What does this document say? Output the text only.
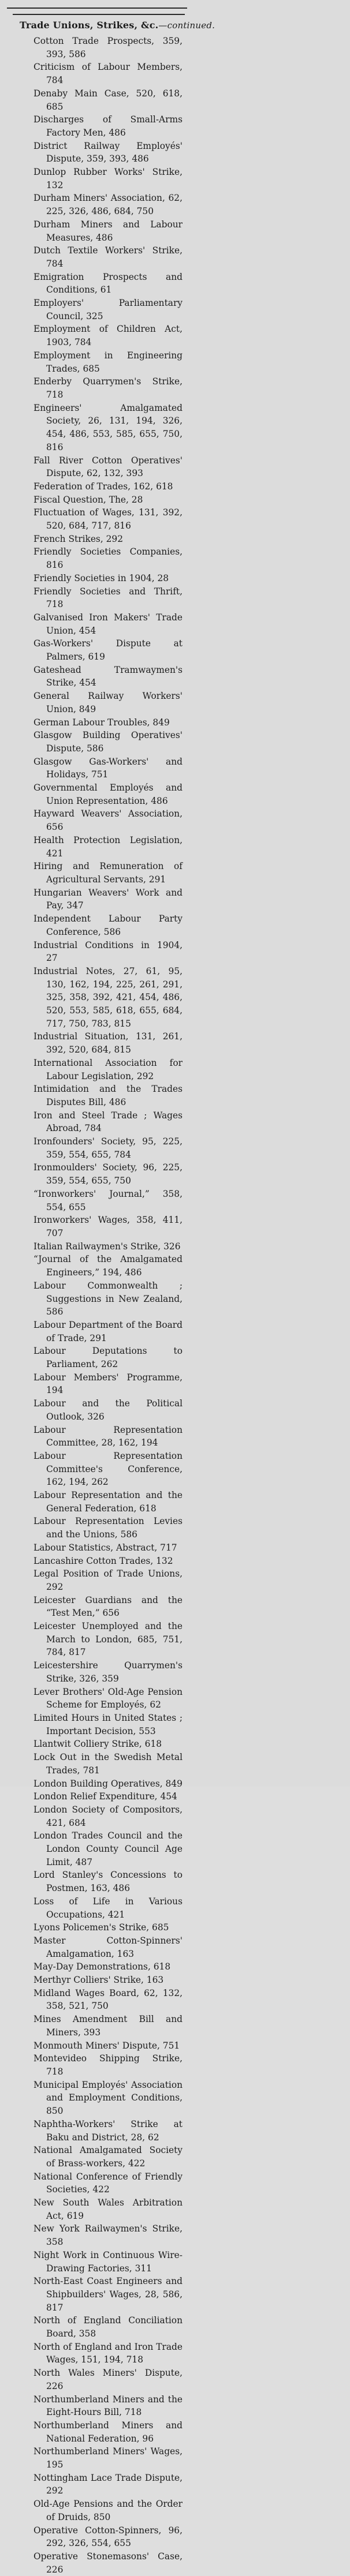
Trade Unions, Strikes, &c.—continued.

Cotton Trade Prospects, 359, 393, 586

Criticism of Labour Members, 784

Denaby Main Case, 520, 618, 685

Discharges of Small-Arms Factory Men, 486

District Railway Employés' Dispute, 359, 393, 486

Dunlop Rubber Works' Strike, 132

Durham Miners' Association, 62, 225, 326, 486, 684, 750

Durham Miners and Labour Measures, 486

Dutch Textile Workers' Strike, 784

Emigration Prospects and Conditions, 61

Employers' Parliamentary Council, 325

Employment of Children Act, 1903, 784

Employment in Engineering Trades, 685

Enderby Quarrymen's Strike, 718

Engineers' Amalgamated Society, 26, 131, 194, 326, 454, 486, 553, 585, 655, 750, 816

Fall River Cotton Operatives' Dispute, 62, 132, 393

Federation of Trades, 162, 618

Fiscal Question, The, 28

Fluctuation of Wages, 131, 392, 520, 684, 717, 816

French Strikes, 292

Friendly Societies Companies, 816

Friendly Societies in 1904, 28

Friendly Societies and Thrift, 718

Galvanised Iron Makers' Trade Union, 454

Gas-Workers' Dispute at Palmers, 619

Gateshead Tramwaymen's Strike, 454

General Railway Workers' Union, 849

German Labour Troubles, 849

Glasgow Building Operatives' Dispute, 586

Glasgow Gas-Workers' and Holidays, 751

Governmental Employés and Union Representation, 486

Hayward Weavers' Association, 656

Health Protection Legislation, 421

Hiring and Remuneration of Agricultural Servants, 291

Hungarian Weavers' Work and Pay, 347

Independent Labour Party Conference, 586

Industrial Conditions in 1904, 27

Industrial Notes, 27, 61, 95, 130, 162, 194, 225, 261, 291, 325, 358, 392, 421, 454, 486, 520, 553, 585, 618, 655, 684, 717, 750, 783, 815

Industrial Situation, 131, 261, 392, 520, 684, 815

International Association for Labour Legislation, 292

Intimidation and the Trades Disputes Bill, 486

Iron and Steel Trade ; Wages Abroad, 784

Ironfounders' Society, 95, 225, 359, 554, 655, 784

Ironmoulders' Society, 96, 225, 359, 554, 655, 750

“Ironworkers' Journal,” 358, 554, 655

Ironworkers' Wages, 358, 411, 707

Italian Railwaymen's Strike, 326

“Journal of the Amalgamated Engineers,” 194, 486

Labour Commonwealth ; Suggestions in New Zealand, 586

Labour Department of the Board of Trade, 291

Labour Deputations to Parliament, 262

Labour Members' Programme, 194

Labour and the Political Outlook, 326

Labour Representation Committee, 28, 162, 194

Labour Representation Committee's Conference, 162, 194, 262

Labour Representation and the General Federation, 618

Labour Representation Levies and the Unions, 586

Labour Statistics, Abstract, 717

Lancashire Cotton Trades, 132

Legal Position of Trade Unions, 292

Leicester Guardians and the “Test Men,” 656

Leicester Unemployed and the March to London, 685, 751, 784, 817

Leicestershire Quarrymen's Strike, 326, 359

Lever Brothers' Old-Age Pension Scheme for Employés, 62

Limited Hours in United States ; Important Decision, 553

Llantwit Colliery Strike, 618

Lock Out in the Swedish Metal Trades, 781

London Building Operatives, 849

London Relief Expenditure, 454

London Society of Compositors, 421, 684

London Trades Council and the London County Council Age Limit, 487

Lord Stanley's Concessions to Postmen, 163, 486

Loss of Life in Various Occupations, 421

Lyons Policemen's Strike, 685

Master Cotton-Spinners' Amalgamation, 163

May-Day Demonstrations, 618

Merthyr Colliers' Strike, 163

Midland Wages Board, 62, 132, 358, 521, 750

Mines Amendment Bill and Miners, 393

Monmouth Miners' Dispute, 751

Montevideo Shipping Strike, 718

Municipal Employés' Association and Employment Conditions, 850

Naphtha-Workers' Strike at Baku and District, 28, 62

National Amalgamated Society of Brass-workers, 422

National Conference of Friendly Societies, 422

New South Wales Arbitration Act, 619

New York Railwaymen's Strike, 358

Night Work in Continuous Wire-Drawing Factories, 311

North-East Coast Engineers and Shipbuilders' Wages, 28, 586, 817

North of England Conciliation Board, 358

North of England and Iron Trade Wages, 151, 194, 718

North Wales Miners' Dispute, 226

Northumberland Miners and the Eight-Hours Bill, 718

Northumberland Miners and National Federation, 96

Northumberland Miners' Wages, 195

Nottingham Lace Trade Dispute, 292

Old-Age Pensions and the Order of Druids, 850

Operative Cotton-Spinners, 96, 292, 326, 554, 655

Operative Stonemasons' Case, 226
